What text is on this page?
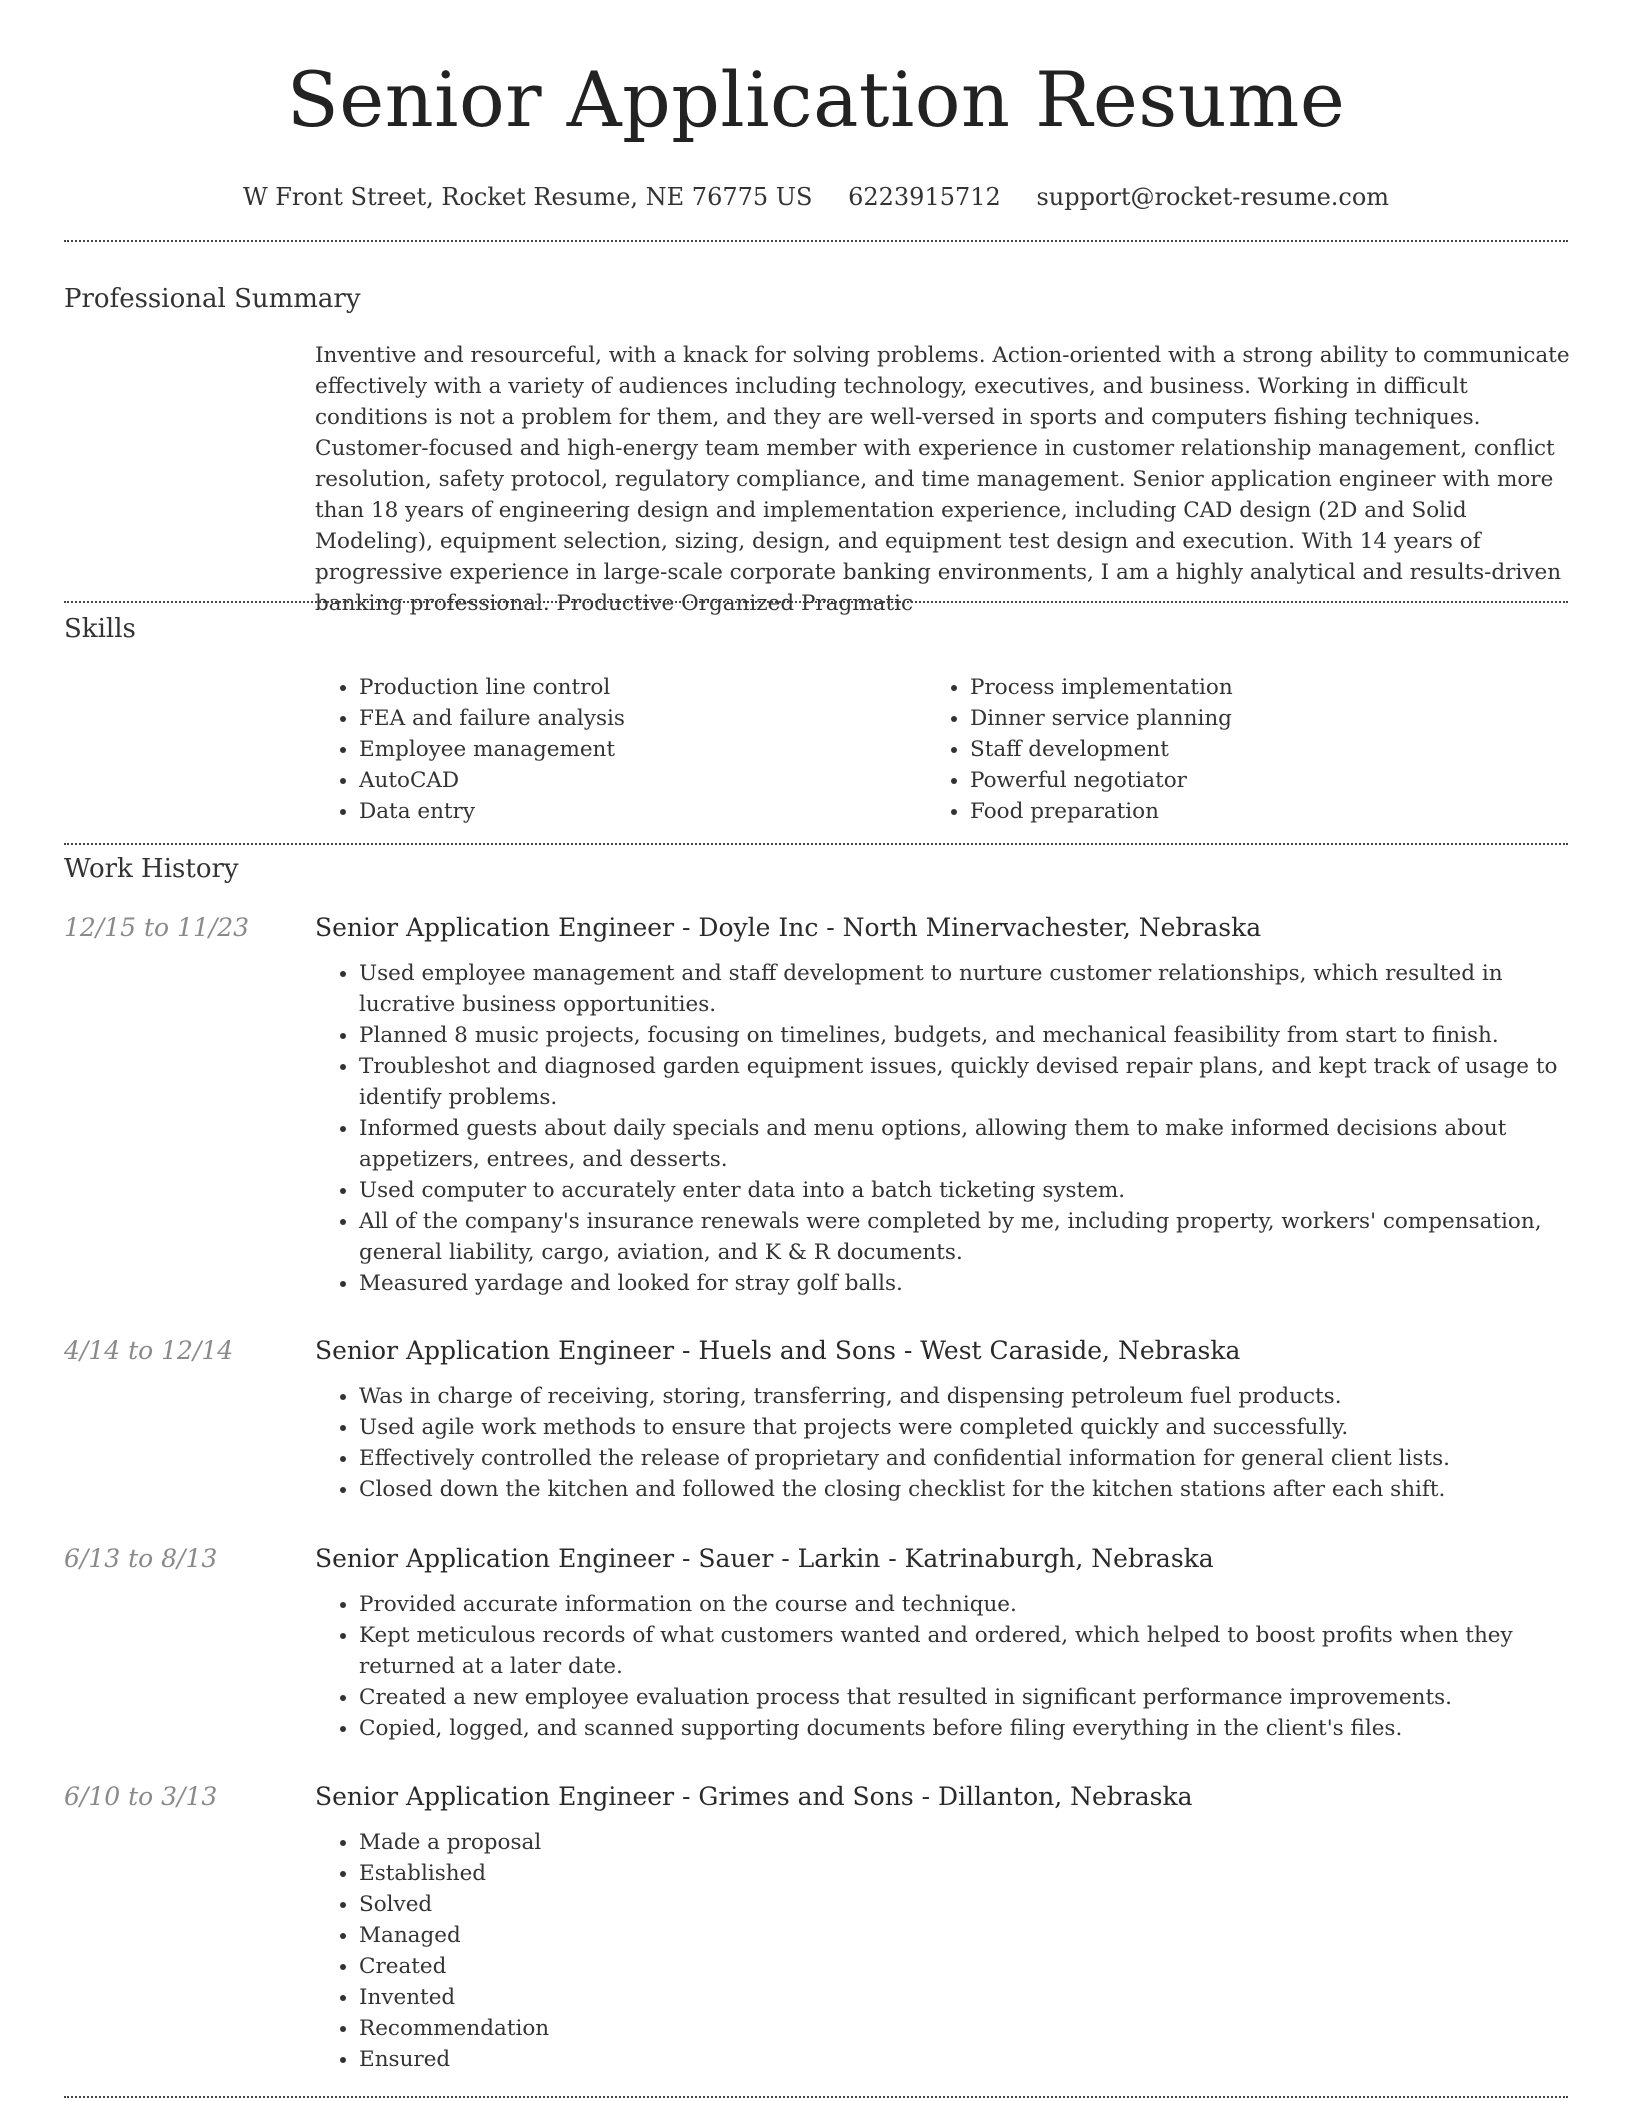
Senior Application Resume
W Front Street, Rocket Resume, NE 76775 US 6223915712 support@rocket-resume.com
Professional Summary

Inventive and resourceful, with a knack for solving problems. Action-oriented with a strong ability to communicate effectively with a variety of audiences including technology, executives, and business. Working in difficult conditions is not a problem for them, and they are well-versed in sports and computers fishing techniques. Customer-focused and high-energy team member with experience in customer relationship management, conflict resolution, safety protocol, regulatory compliance, and time management. Senior application engineer with more than 18 years of engineering design and implementation experience, including CAD design (2D and Solid Modeling), equipment selection, sizing, design, and equipment test design and execution. With 14 years of progressive experience in large-scale corporate banking environments, I am a highly analytical and results-driven banking professional. Productive Organized Pragmatic

Skills
• Production line control
• FEA and failure analysis
• Employee management
• AutoCAD
• Data entry
• Process implementation
• Dinner service planning
• Staff development
• Powerful negotiator
• Food preparation
Work History
12/15 to 11/23	Senior Application Engineer - Doyle Inc - North Minervachester, Nebraska
• Used employee management and staff development to nurture customer relationships, which resulted in lucrative business opportunities.
• Planned 8 music projects, focusing on timelines, budgets, and mechanical feasibility from start to finish.
• Troubleshot and diagnosed garden equipment issues, quickly devised repair plans, and kept track of usage to identify problems.
• Informed guests about daily specials and menu options, allowing them to make informed decisions about appetizers, entrees, and desserts.
• Used computer to accurately enter data into a batch ticketing system.
• All of the company's insurance renewals were completed by me, including property, workers' compensation, general liability, cargo, aviation, and K & R documents.
• Measured yardage and looked for stray golf balls.
4/14 to 12/14	Senior Application Engineer - Huels and Sons - West Caraside, Nebraska
• Was in charge of receiving, storing, transferring, and dispensing petroleum fuel products.
• Used agile work methods to ensure that projects were completed quickly and successfully.
• Effectively controlled the release of proprietary and confidential information for general client lists.
• Closed down the kitchen and followed the closing checklist for the kitchen stations after each shift.
6/13 to 8/13	Senior Application Engineer - Sauer - Larkin - Katrinaburgh, Nebraska
• Provided accurate information on the course and technique.
• Kept meticulous records of what customers wanted and ordered, which helped to boost profits when they returned at a later date.
• Created a new employee evaluation process that resulted in significant performance improvements.
• Copied, logged, and scanned supporting documents before filing everything in the client's files.
6/10 to 3/13	Senior Application Engineer - Grimes and Sons - Dillanton, Nebraska
• Made a proposal
• Established
• Solved
• Managed
• Created
• Invented
• Recommendation
• Ensured
